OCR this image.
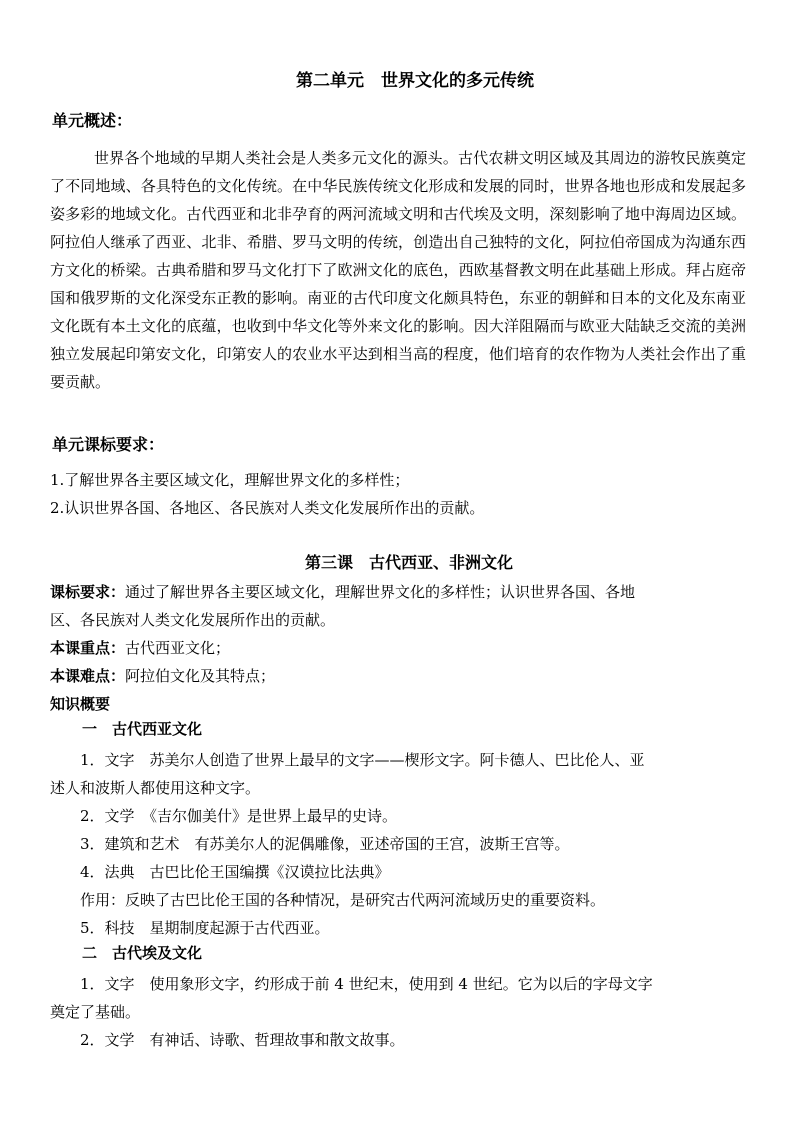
第二单元　世界文化的多元传统
单元概述：
世界各个地域的早期人类社会是人类多元文化的源头。古代农耕文明区域及其周边的游牧民族奠定了不同地域、各具特色的文化传统。在中华民族传统文化形成和发展的同时，世界各地也形成和发展起多姿多彩的地域文化。古代西亚和北非孕育的两河流域文明和古代埃及文明，深刻影响了地中海周边区域。阿拉伯人继承了西亚、北非、希腊、罗马文明的传统，创造出自己独特的文化，阿拉伯帝国成为沟通东西方文化的桥梁。古典希腊和罗马文化打下了欧洲文化的底色，西欧基督教文明在此基础上形成。拜占庭帝国和俄罗斯的文化深受东正教的影响。南亚的古代印度文化颇具特色，东亚的朝鲜和日本的文化及东南亚文化既有本土文化的底蕴，也收到中华文化等外来文化的影响。因大洋阻隔而与欧亚大陆缺乏交流的美洲独立发展起印第安文化，印第安人的农业水平达到相当高的程度，他们培育的农作物为人类社会作出了重要贡献。
单元课标要求：
1.了解世界各主要区域文化，理解世界文化的多样性；
2.认识世界各国、各地区、各民族对人类文化发展所作出的贡献。
第三课　古代西亚、非洲文化
课标要求：通过了解世界各主要区域文化，理解世界文化的多样性；认识世界各国、各地
区、各民族对人类文化发展所作出的贡献。
本课重点：古代西亚文化；
本课难点：阿拉伯文化及其特点；
知识概要
一　古代西亚文化
1．文字　苏美尔人创造了世界上最早的文字——楔形文字。阿卡德人、巴比伦人、亚
述人和波斯人都使用这种文字。
2．文学　《吉尔伽美什》是世界上最早的史诗。
3．建筑和艺术　有苏美尔人的泥偶雕像，亚述帝国的王宫，波斯王宫等。
4．法典　古巴比伦王国编撰《汉谟拉比法典》
作用：反映了古巴比伦王国的各种情况，是研究古代两河流域历史的重要资料。
5．科技　星期制度起源于古代西亚。
二　古代埃及文化
1．文字　使用象形文字，约形成于前 4 世纪末，使用到 4 世纪。它为以后的字母文字
奠定了基础。
2．文学　有神话、诗歌、哲理故事和散文故事。
